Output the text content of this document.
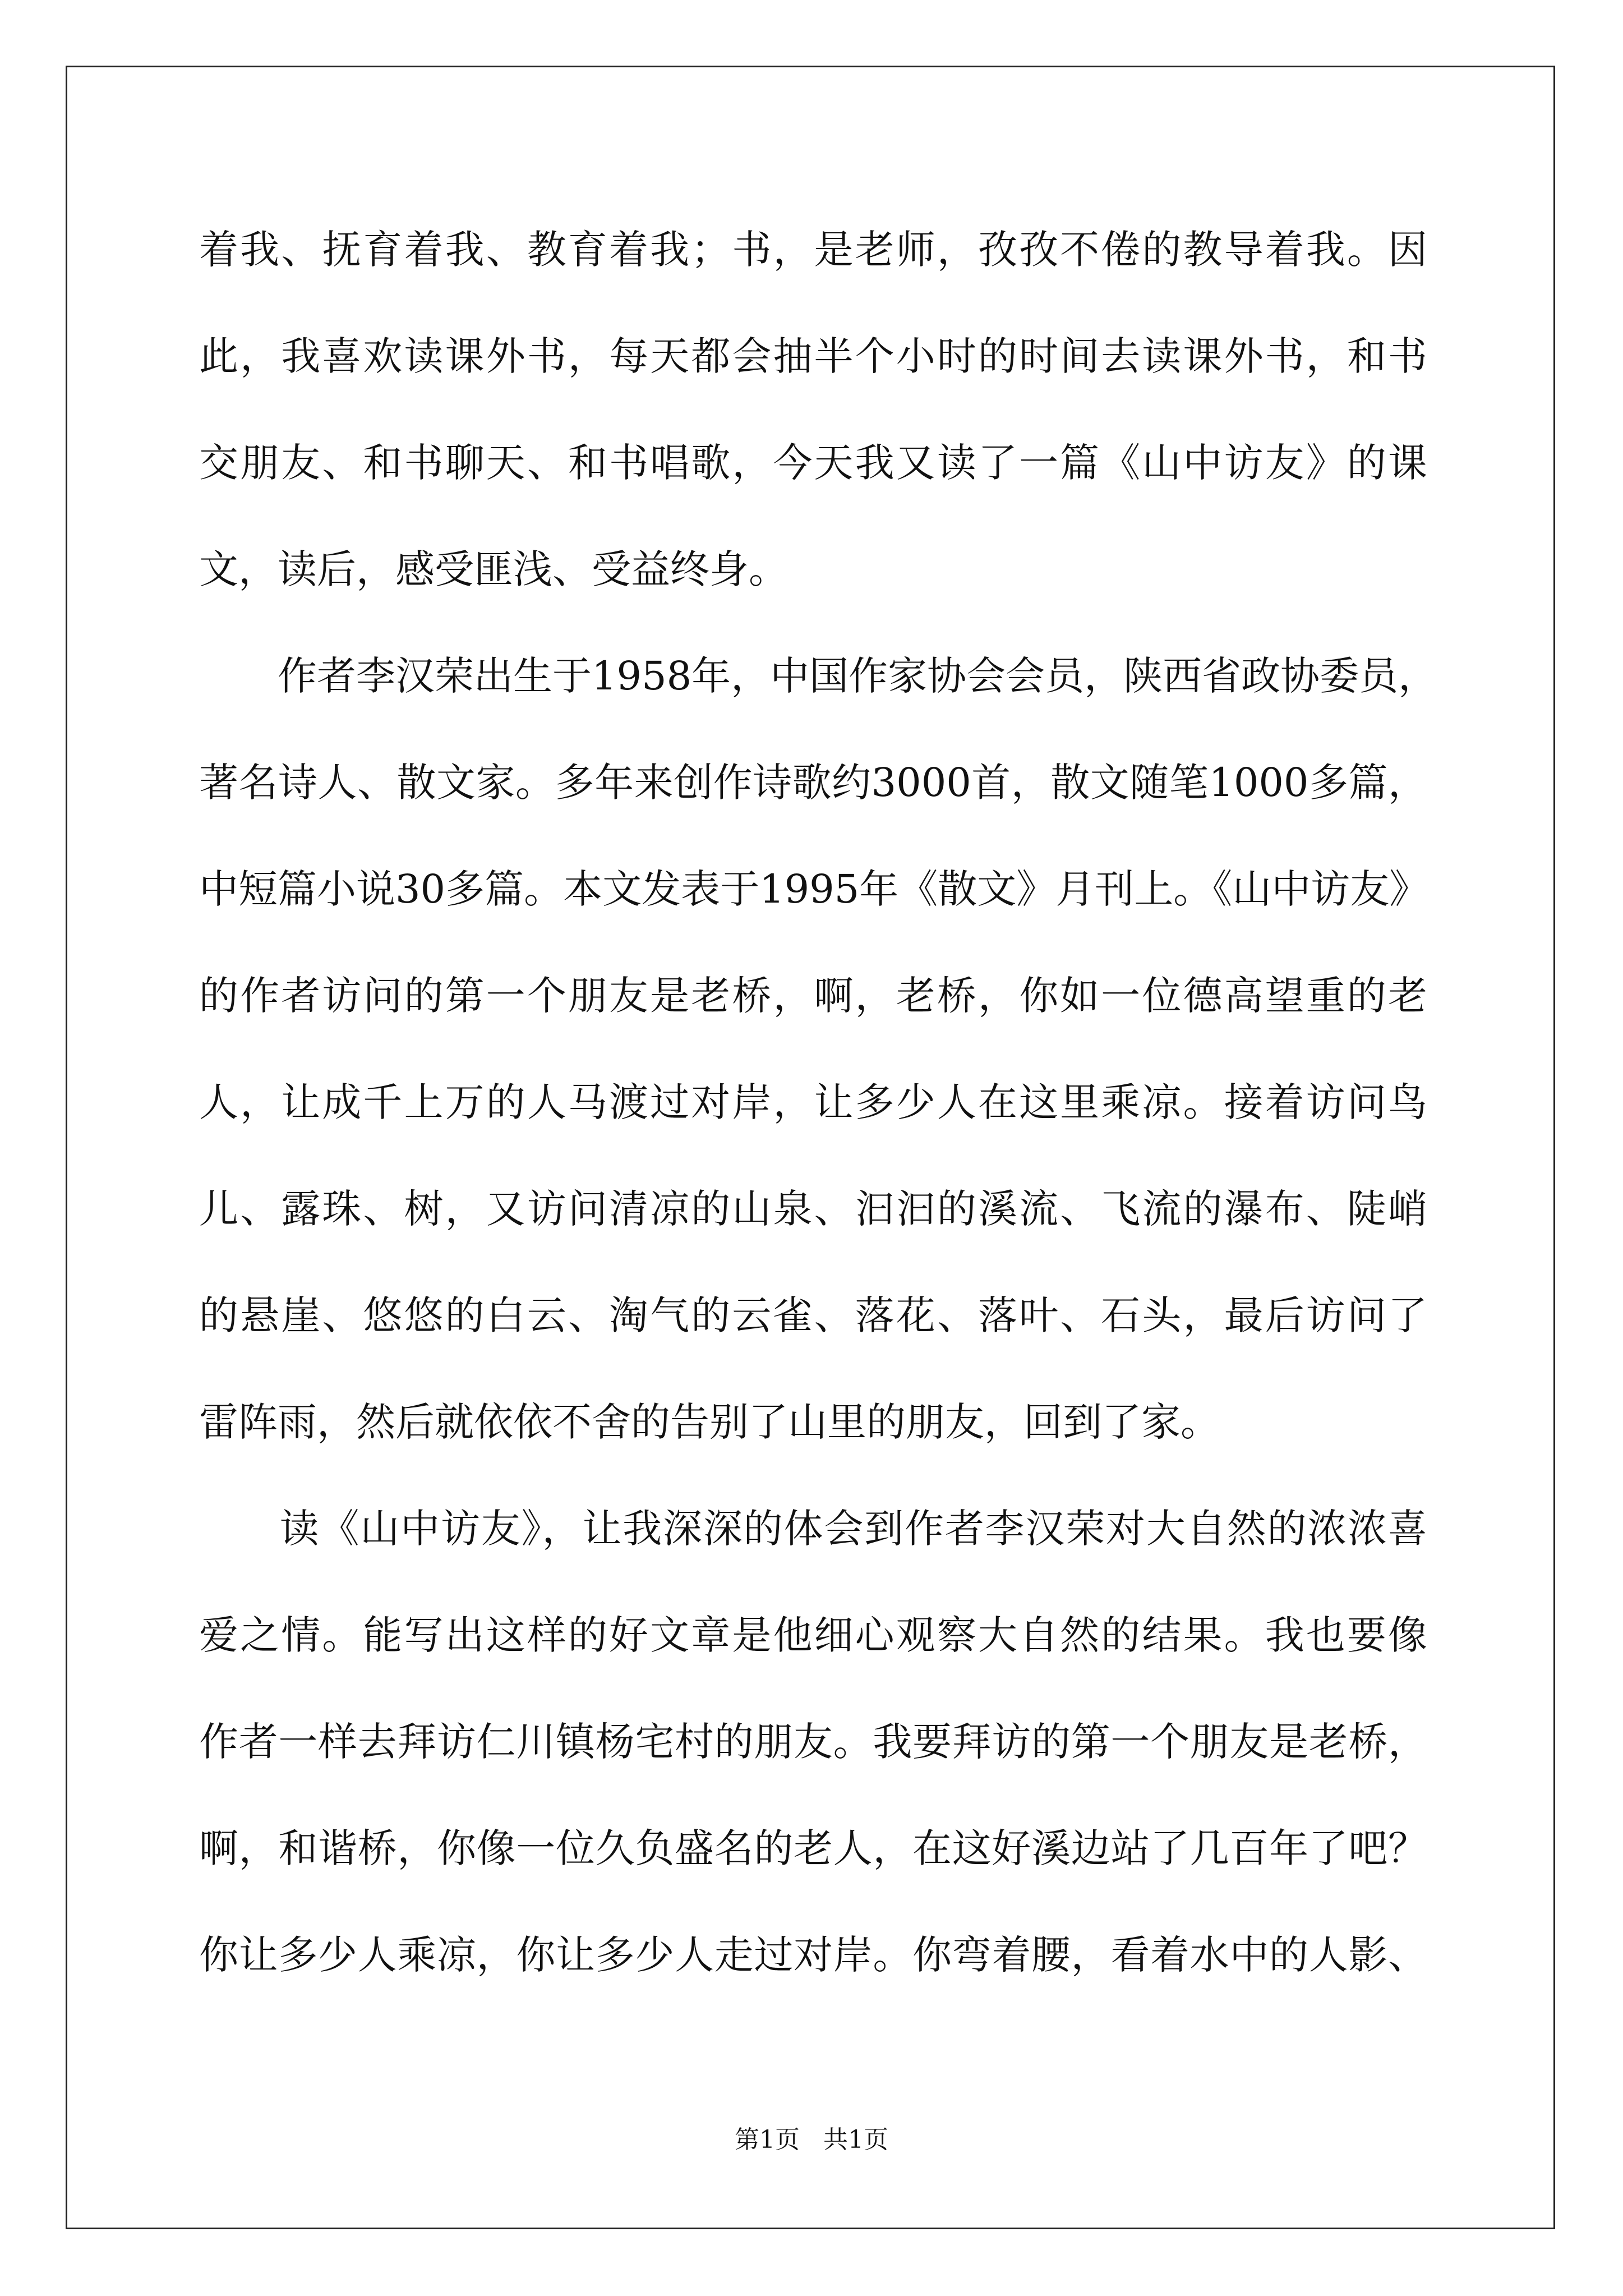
着我、抚育着我、教育着我；书，是老师，孜孜不倦的教导着我。因

此，我喜欢读课外书，每天都会抽半个小时的时间去读课外书，和书

交朋友、和书聊天、和书唱歌，今天我又读了一篇《山中访友》的课

文，读后，感受匪浅、受益终身。

　　作者李汉荣出生于1958年，中国作家协会会员，陕西省政协委员，

著名诗人、散文家。多年来创作诗歌约3000首，散文随笔1000多篇，

中短篇小说30多篇。本文发表于1995年《散文》月刊上。《山中访友》

的作者访问的第一个朋友是老桥，啊，老桥，你如一位德高望重的老

人，让成千上万的人马渡过对岸，让多少人在这里乘凉。接着访问鸟

儿、露珠、树，又访问清凉的山泉、汩汩的溪流、飞流的瀑布、陡峭

的悬崖、悠悠的白云、淘气的云雀、落花、落叶、石头，最后访问了

雷阵雨，然后就依依不舍的告别了山里的朋友，回到了家。

　　读《山中访友》，让我深深的体会到作者李汉荣对大自然的浓浓喜

爱之情。能写出这样的好文章是他细心观察大自然的结果。我也要像

作者一样去拜访仁川镇杨宅村的朋友。我要拜访的第一个朋友是老桥，

啊，和谐桥，你像一位久负盛名的老人，在这好溪边站了几百年了吧？

你让多少人乘凉，你让多少人走过对岸。你弯着腰，看着水中的人影、

第1页 共1页
